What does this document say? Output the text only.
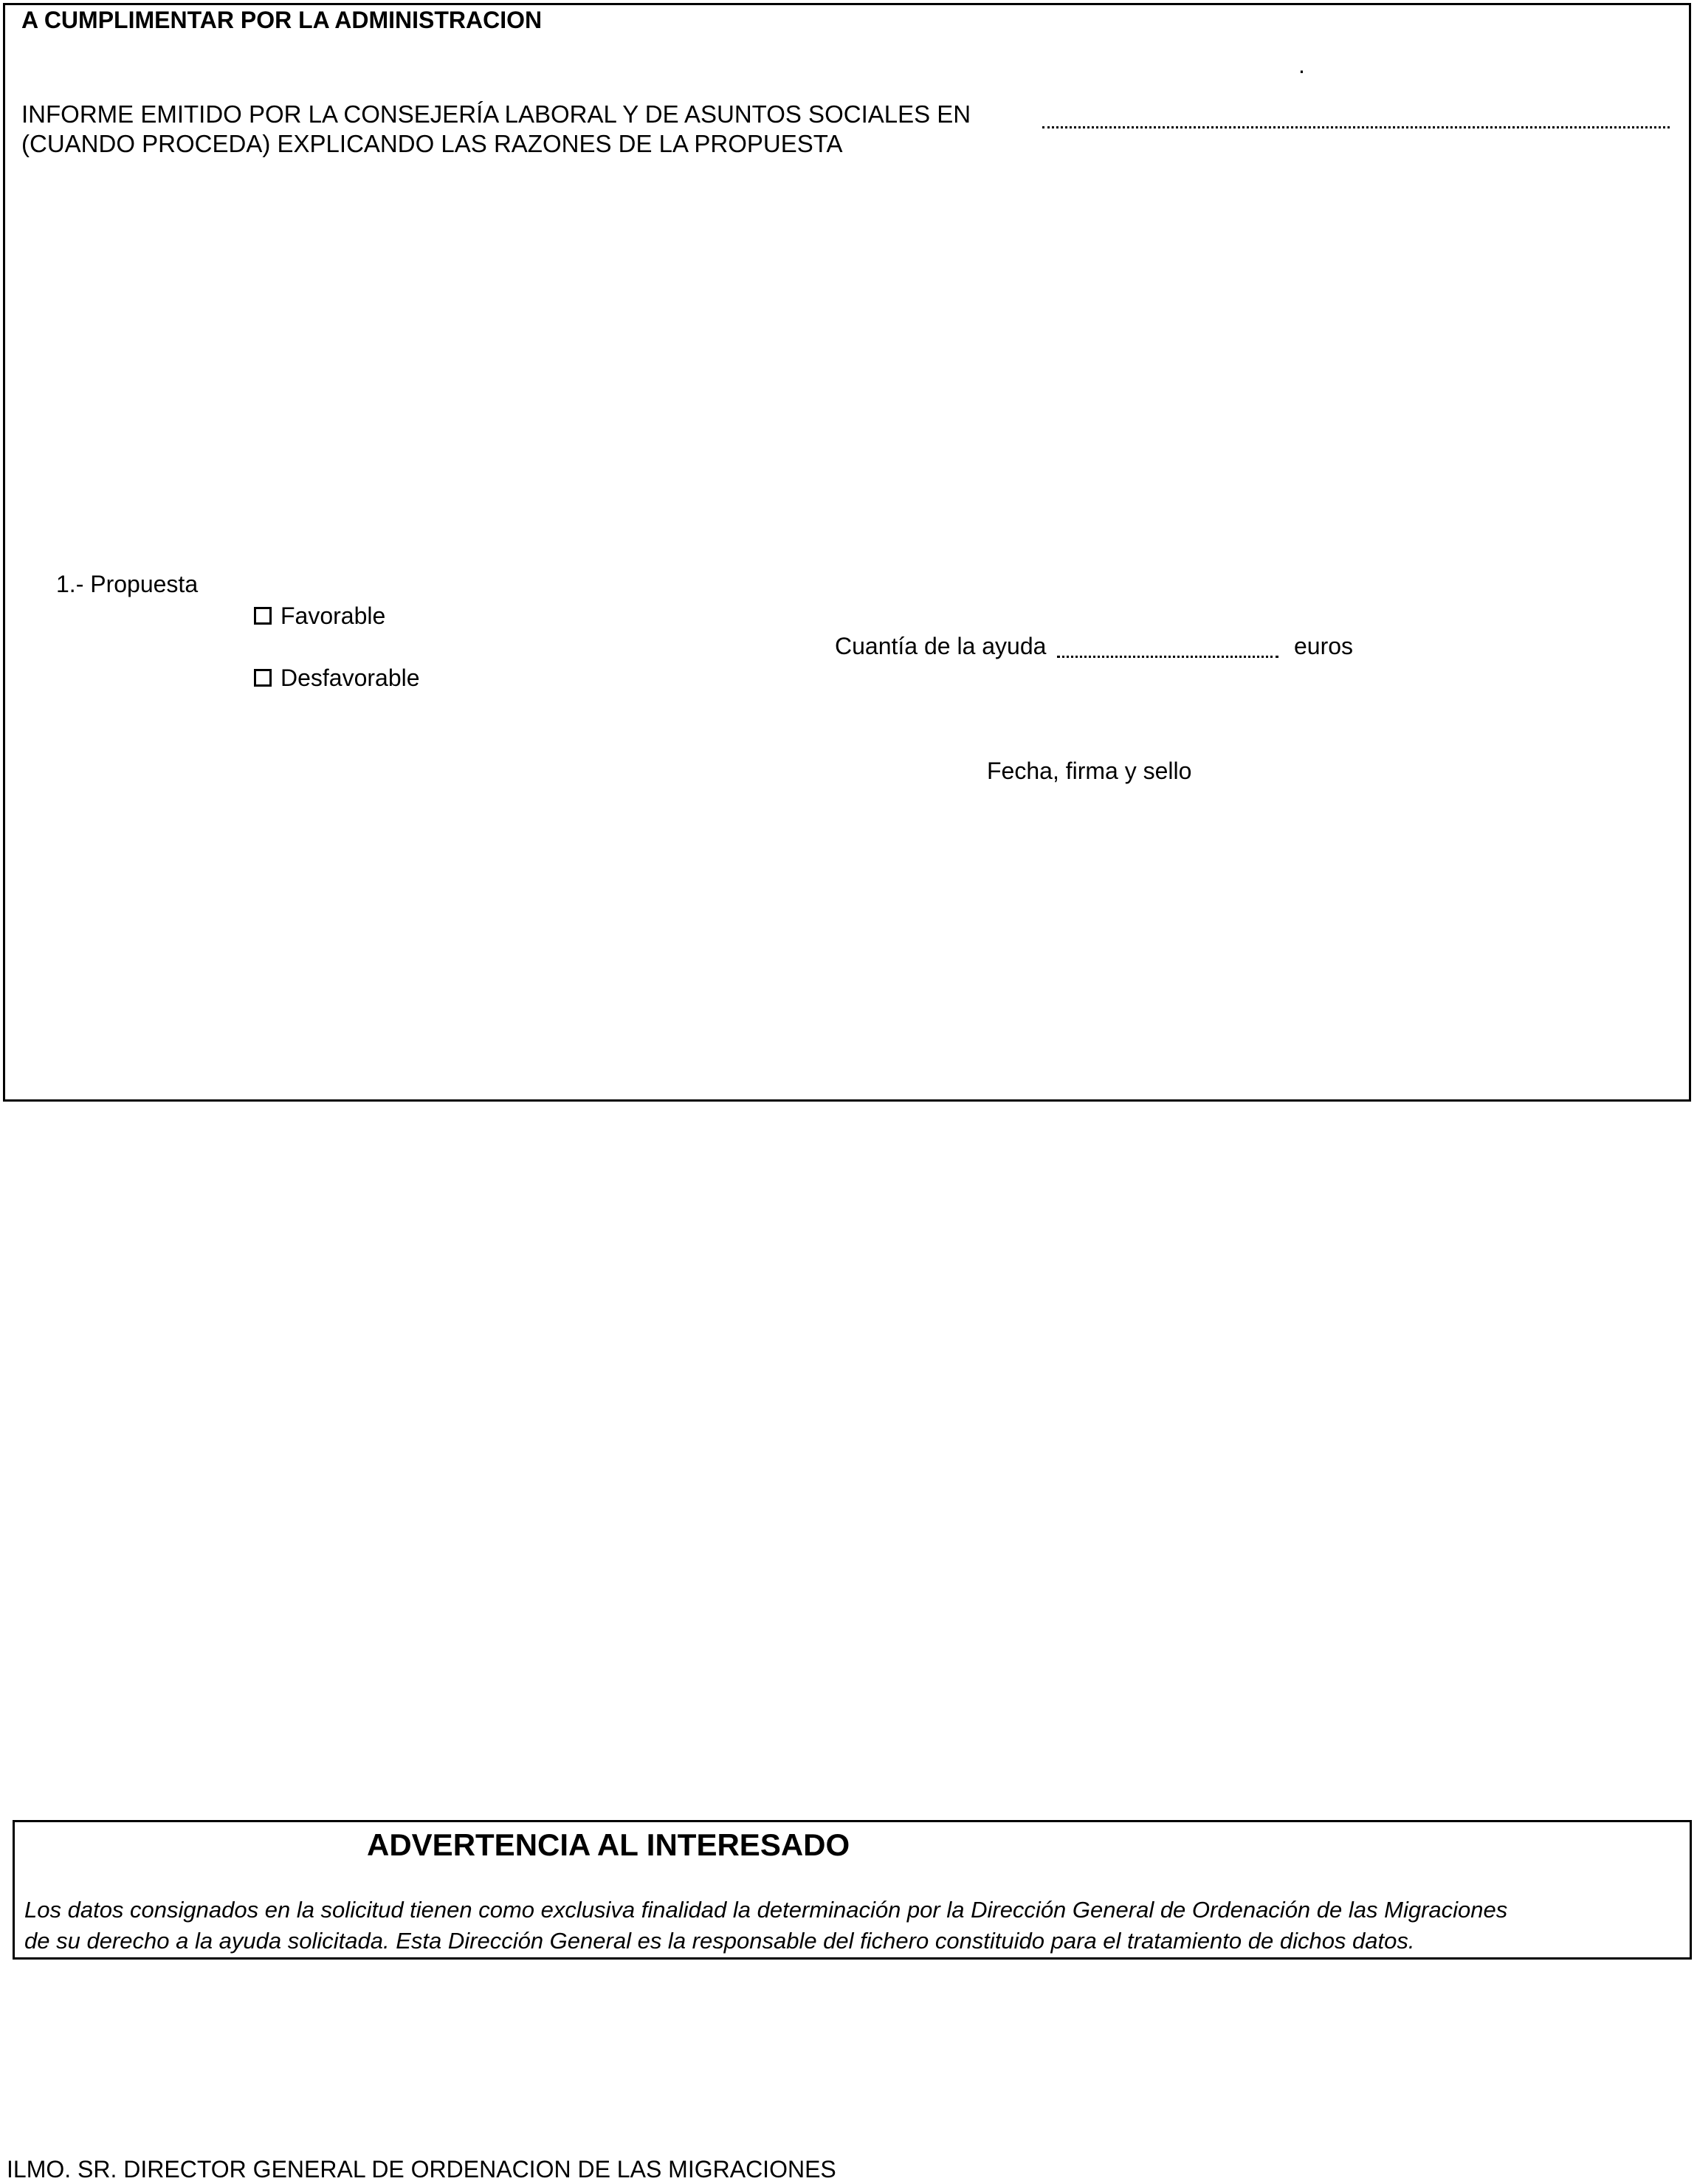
A CUMPLIMENTAR POR LA ADMINISTRACION
.
INFORME EMITIDO POR LA CONSEJERÍA LABORAL Y DE ASUNTOS SOCIALES EN
(CUANDO PROCEDA) EXPLICANDO LAS RAZONES DE LA PROPUESTA
1.- Propuesta
Favorable
Desfavorable
Cuantía de la ayuda	euros
Fecha, firma y sello
ADVERTENCIA AL INTERESADO
Los datos consignados en la solicitud tienen como exclusiva finalidad la determinación por la Dirección General de Ordenación de las Migraciones
de su derecho a la ayuda solicitada. Esta Dirección General es la responsable del fichero constituido para el tratamiento de dichos datos.
ILMO. SR. DIRECTOR GENERAL DE ORDENACION DE LAS MIGRACIONES
